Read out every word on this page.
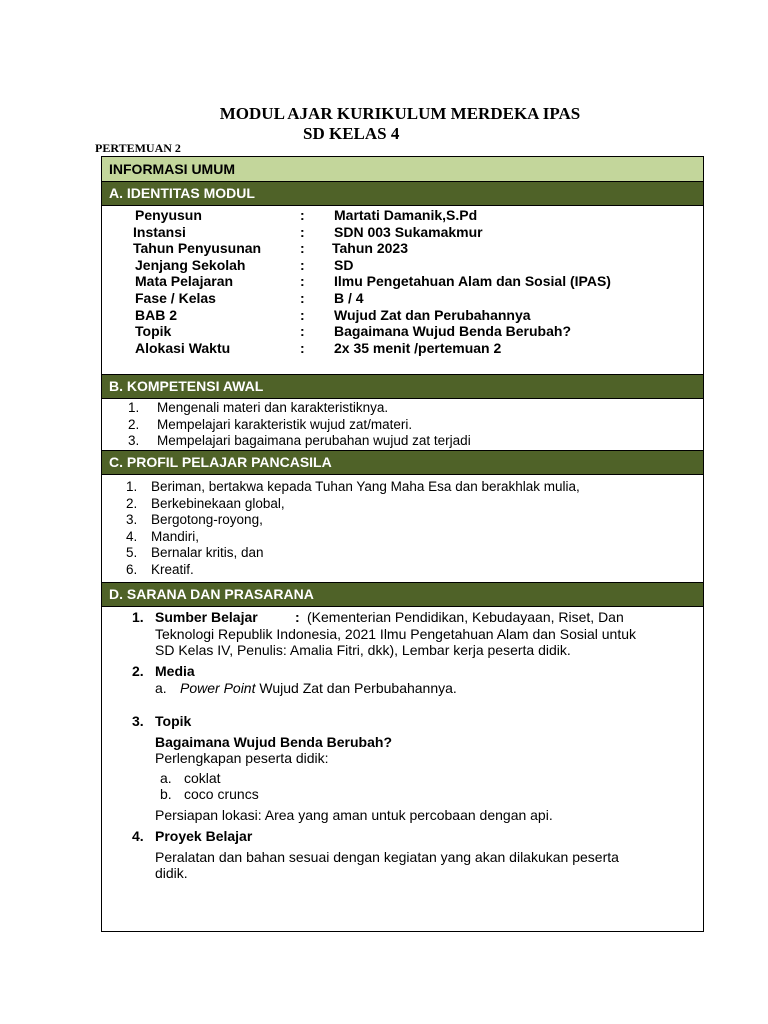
MODUL AJAR KURIKULUM MERDEKA IPAS
SD KELAS 4
PERTEMUAN 2
INFORMASI UMUM
A. IDENTITAS MODUL
Penyusun	: Martati Damanik,S.Pd
Instansi	: SDN 003 Sukamakmur
Tahun Penyusunan	: Tahun 2023
Jenjang Sekolah	: SD
Mata Pelajaran	: Ilmu Pengetahuan Alam dan Sosial (IPAS)
Fase / Kelas	: B / 4
BAB 2	: Wujud Zat dan Perubahannya
Topik	: Bagaimana Wujud Benda Berubah?
Alokasi Waktu	: 2x 35 menit /pertemuan 2
B. KOMPETENSI AWAL
1. Mengenali materi dan karakteristiknya.
2. Mempelajari karakteristik wujud zat/materi.
3. Mempelajari bagaimana perubahan wujud zat terjadi
C. PROFIL PELAJAR PANCASILA
1. Beriman, bertakwa kepada Tuhan Yang Maha Esa dan berakhlak mulia,
2. Berkebinekaan global,
3. Bergotong-royong,
4. Mandiri,
5. Bernalar kritis, dan
6. Kreatif.
D. SARANA DAN PRASARANA
1. Sumber Belajar	: (Kementerian Pendidikan, Kebudayaan, Riset, Dan
Teknologi Republik Indonesia, 2021 Ilmu Pengetahuan Alam dan Sosial untuk
SD Kelas IV, Penulis: Amalia Fitri, dkk), Lembar kerja peserta didik.
2. Media
a. Power Point Wujud Zat dan Perbubahannya.
3. Topik
Bagaimana Wujud Benda Berubah?
Perlengkapan peserta didik:
a. coklat
b. coco cruncs
Persiapan lokasi: Area yang aman untuk percobaan dengan api.
4. Proyek Belajar
Peralatan dan bahan sesuai dengan kegiatan yang akan dilakukan peserta
didik.
